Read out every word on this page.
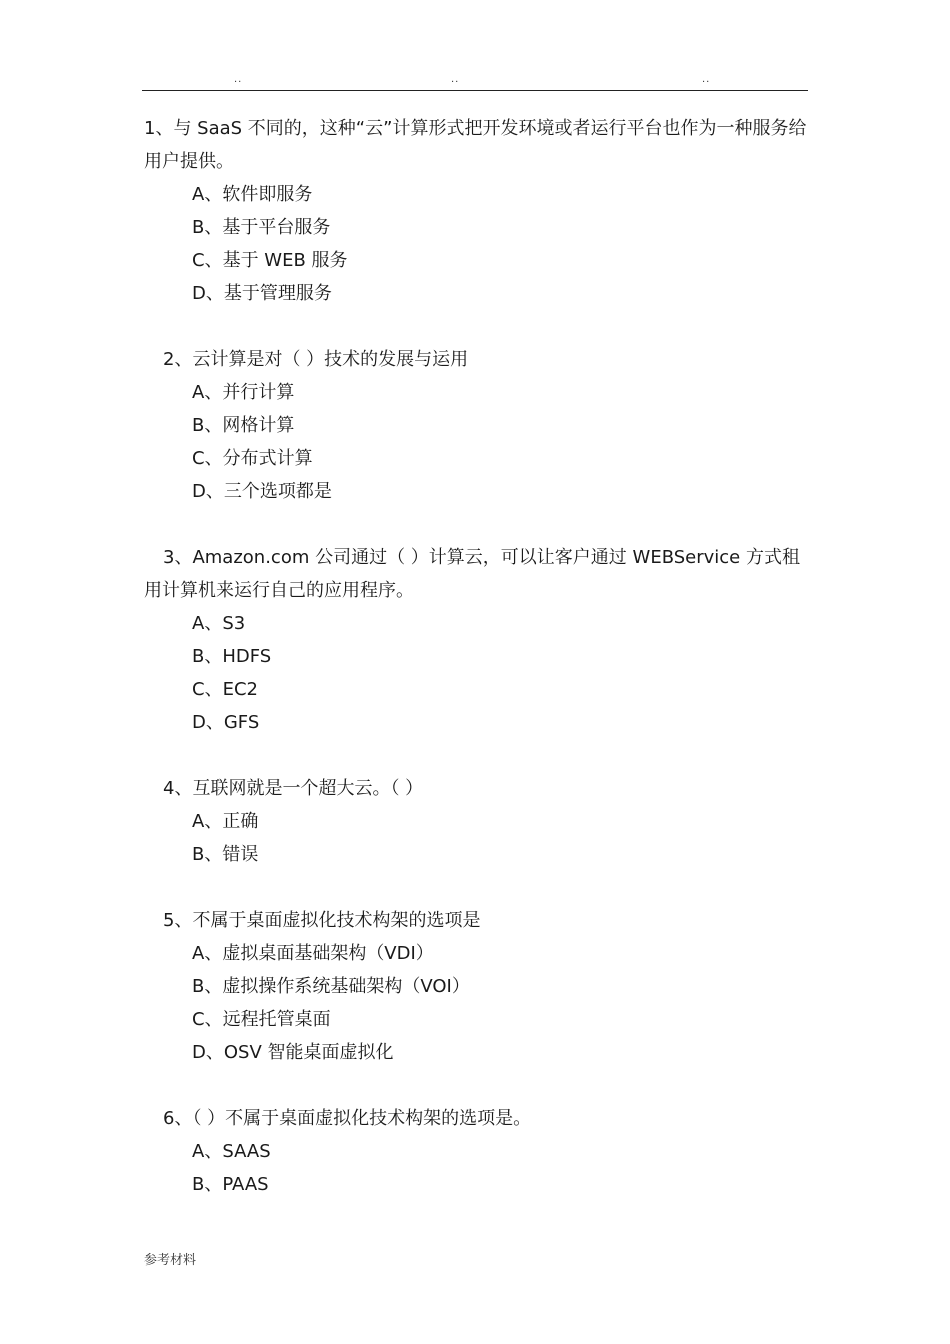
..	..	..

1、与 SaaS 不同的，这种“云”计算形式把开发环境或者运行平台也作为一种服务给用户提供。

A、软件即服务
B、基于平台服务
C、基于 WEB 服务
D、基于管理服务

2、云计算是对（ ）技术的发展与运用

A、并行计算
B、网格计算
C、分布式计算
D、三个选项都是

3、Amazon.com 公司通过（ ）计算云，可以让客户通过 WEBService 方式租用计算机来运行自己的应用程序。

A、S3
B、HDFS
C、EC2
D、GFS

4、互联网就是一个超大云。（ ）

A、正确
B、错误

5、不属于桌面虚拟化技术构架的选项是

A、虚拟桌面基础架构（VDI）
B、虚拟操作系统基础架构（VOI）
C、远程托管桌面
D、OSV 智能桌面虚拟化

6、（ ）不属于桌面虚拟化技术构架的选项是。

A、SAAS
B、PAAS
参考材料
